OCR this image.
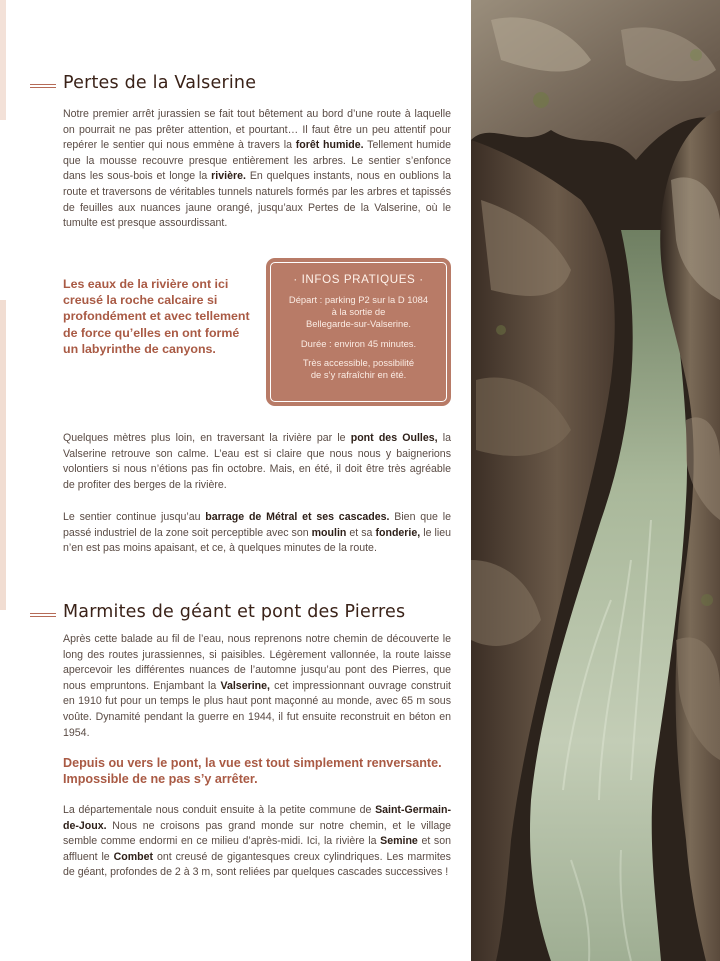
Pertes de la Valserine
Notre premier arrêt jurassien se fait tout bêtement au bord d’une route à laquelle on pourrait ne pas prêter attention, et pourtant… Il faut être un peu attentif pour repérer le sentier qui nous emmène à travers la forêt humide. Tellement humide que la mousse recouvre presque entièrement les arbres. Le sentier s’enfonce dans les sous-bois et longe la rivière. En quelques instants, nous en oublions la route et traversons de véritables tunnels naturels formés par les arbres et tapissés de feuilles aux nuances jaune orangé, jusqu’aux Pertes de la Valserine, où le tumulte est presque assourdissant.
Les eaux de la rivière ont ici creusé la roche calcaire si profondément et avec tellement de force qu’elles en ont formé un labyrinthe de canyons.
· INFOS PRATIQUES ·
Départ : parking P2 sur la D 1084
à la sortie de
Bellegarde-sur-Valserine.
Durée : environ 45 minutes.
Très accessible, possibilité
de s’y rafraîchir en été.
Quelques mètres plus loin, en traversant la rivière par le pont des Oulles, la Valserine retrouve son calme. L’eau est si claire que nous nous y baignerions volontiers si nous n’étions pas fin octobre. Mais, en été, il doit être très agréable de profiter des berges de la rivière.
Le sentier continue jusqu’au barrage de Métral et ses cascades. Bien que le passé industriel de la zone soit perceptible avec son moulin et sa fonderie, le lieu n’en est pas moins apaisant, et ce, à quelques minutes de la route.
Marmites de géant et pont des Pierres
Après cette balade au fil de l’eau, nous reprenons notre chemin de découverte le long des routes jurassiennes, si paisibles. Légèrement vallonnée, la route laisse apercevoir les différentes nuances de l’automne jusqu’au pont des Pierres, que nous empruntons. Enjambant la Valserine, cet impressionnant ouvrage construit en 1910 fut pour un temps le plus haut pont maçonné au monde, avec 65 m sous voûte. Dynamité pendant la guerre en 1944, il fut ensuite reconstruit en béton en 1954.
Depuis ou vers le pont, la vue est tout simplement renversante. Impossible de ne pas s’y arrêter.
La départementale nous conduit ensuite à la petite commune de Saint-Germain-de-Joux. Nous ne croisons pas grand monde sur notre chemin, et le village semble comme endormi en ce milieu d’après-midi. Ici, la rivière la Semine et son affluent le Combet ont creusé de gigantesques creux cylindriques. Les marmites de géant, profondes de 2 à 3 m, sont reliées par quelques cascades successives !
